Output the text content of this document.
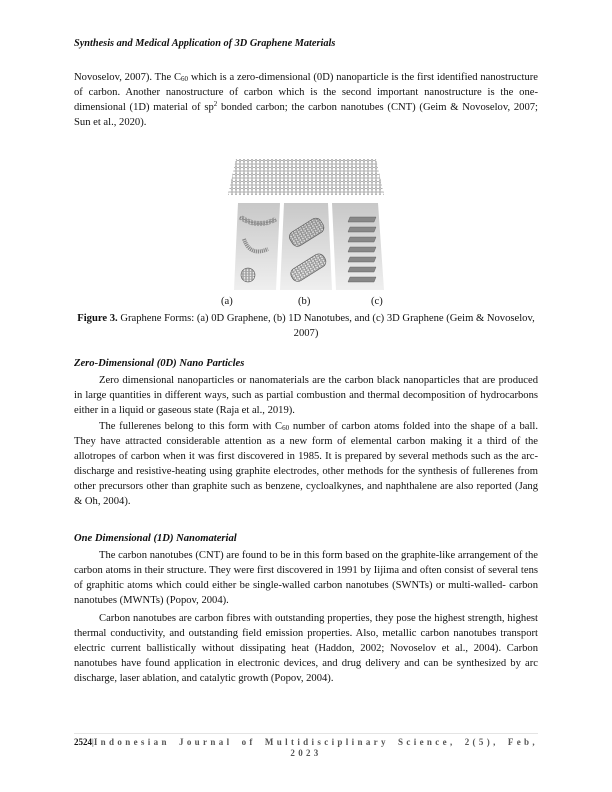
Synthesis and Medical Application of 3D Graphene Materials

Novoselov, 2007). The $C_{60}$ which is a zero-dimensional (0D) nanoparticle is the first identified nanostructure of carbon. Another nanostructure of carbon which is the second important nanostructure is the one-dimensional (1D) material of $sp^2$ bonded carbon; the carbon nanotubes (CNT) (Geim & Novoselov, 2007; Sun et al., 2020).

(a)	(b)	(c)
Figure 3. Graphene Forms: (a) 0D Graphene, (b) 1D Nanotubes, and (c) 3D Graphene (Geim & Novoselov, 2007)
Zero-Dimensional (0D) Nano Particles

Zero dimensional nanoparticles or nanomaterials are the carbon black nanoparticles that are produced in large quantities in different ways, such as partial combustion and thermal decomposition of hydrocarbons either in a liquid or gaseous state (Raja et al., 2019).

The fullerenes belong to this form with $C_{60}$ number of carbon atoms folded into the shape of a ball. They have attracted considerable attention as a new form of elemental carbon making it a third of the allotropes of carbon when it was first discovered in 1985. It is prepared by several methods such as the arc-discharge and resistive-heating using graphite electrodes, other methods for the synthesis of fullerenes from other precursors other than graphite such as benzene, cycloalkynes, and naphthalene are also reported (Jang & Oh, 2004).

One Dimensional (1D) Nanomaterial

The carbon nanotubes (CNT) are found to be in this form based on the graphite-like arrangement of the carbon atoms in their structure. They were first discovered in 1991 by Iijima and often consist of several tens of graphitic atoms which could either be single-walled carbon nanotubes (SWNTs) or multi-walled- carbon nanotubes (MWNTs) (Popov, 2004).

Carbon nanotubes are carbon fibres with outstanding properties, they pose the highest strength, highest thermal conductivity, and outstanding field emission properties. Also, metallic carbon nanotubes transport electric current ballistically without dissipating heat (Haddon, 2002; Novoselov et al., 2004). Carbon nanotubes have found application in electronic devices, and drug delivery and can be synthesized by arc discharge, laser ablation, and catalytic growth (Popov, 2004).

2524|Indonesian Journal of Multidisciplinary Science, 2(5), Feb,
2023
